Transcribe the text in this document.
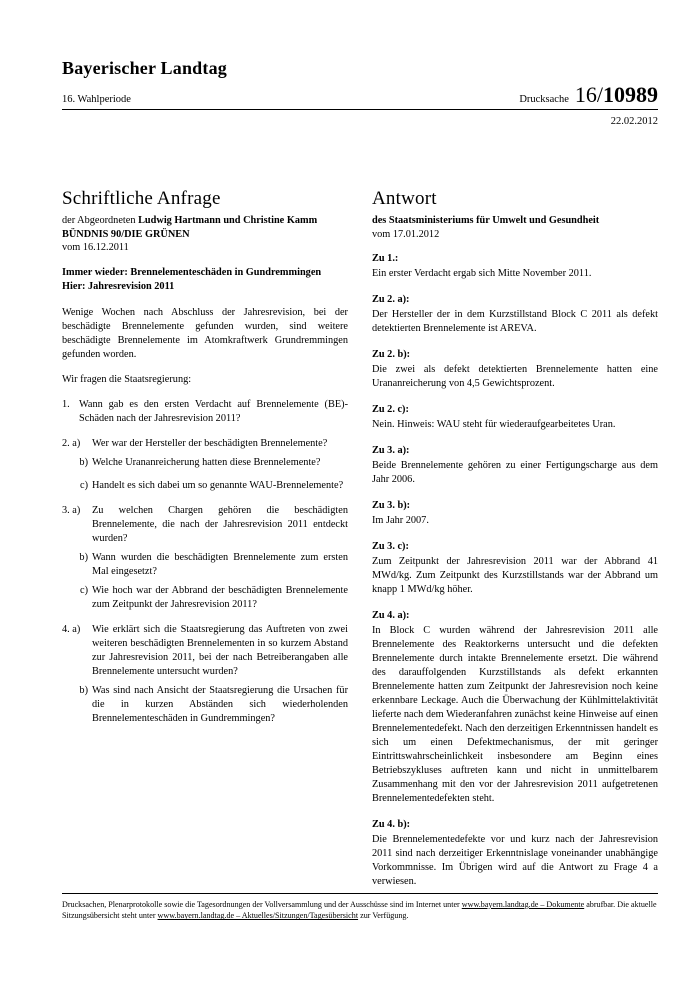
Bayerischer Landtag
16. Wahlperiode	Drucksache 16/10989
22.02.2012
Schriftliche Anfrage
der Abgeordneten Ludwig Hartmann und Christine Kamm BÜNDNIS 90/DIE GRÜNEN
vom 16.12.2011
Immer wieder: Brennelementeschäden in Gundremmingen
Hier: Jahresrevision 2011

Wenige Wochen nach Abschluss der Jahresrevision, bei der beschädigte Brennelemente gefunden wurden, sind weitere beschädigte Brennelemente im Atomkraftwerk Grundremmingen gefunden worden.

Wir fragen die Staatsregierung:

1. Wann gab es den ersten Verdacht auf Brennelemente (BE)-Schäden nach der Jahresrevision 2011?
2. a)	Wer war der Hersteller der beschädigten Brennelemente?
b) Welche Urananreicherung hatten diese Brennelemente?
c) Handelt es sich dabei um so genannte WAU-Brennelemente?
3. a)	Zu welchen Chargen gehören die beschädigten Brennelemente, die nach der Jahresrevision 2011 entdeckt wurden?
b) Wann wurden die beschädigten Brennelemente zum ersten Mal eingesetzt?
c) Wie hoch war der Abbrand der beschädigten Brennelemente zum Zeitpunkt der Jahresrevision 2011?
4. a)	Wie erklärt sich die Staatsregierung das Auftreten von zwei weiteren beschädigten Brennelementen in so kurzem Abstand zur Jahresrevision 2011, bei der nach Betreiberangaben alle Brennelemente untersucht wurden?
b) Was sind nach Ansicht der Staatsregierung die Ursachen für die in kurzen Abständen sich wiederholenden Brennelementeschäden in Gundremmingen?
Antwort
des Staatsministeriums für Umwelt und Gesundheit
vom 17.01.2012
Zu 1.:
Ein erster Verdacht ergab sich Mitte November 2011.
Zu 2. a):
Der Hersteller der in dem Kurzstillstand Block C 2011 als defekt detektierten Brennelemente ist AREVA.
Zu 2. b):
Die zwei als defekt detektierten Brennelemente hatten eine Urananreicherung von 4,5 Gewichtsprozent.
Zu 2. c):
Nein. Hinweis: WAU steht für wiederaufgearbeitetes Uran.
Zu 3. a):
Beide Brennelemente gehören zu einer Fertigungscharge aus dem Jahr 2006.
Zu 3. b):
Im Jahr 2007.
Zu 3. c):
Zum Zeitpunkt der Jahresrevision 2011 war der Abbrand 41 MWd/kg. Zum Zeitpunkt des Kurzstillstands war der Abbrand um knapp 1 MWd/kg höher.
Zu 4. a):
In Block C wurden während der Jahresrevision 2011 alle Brennelemente des Reaktorkerns untersucht und die defekten Brennelemente durch intakte Brennelemente ersetzt. Die während des darauffolgenden Kurzstillstands als defekt erkannten Brennelemente hatten zum Zeitpunkt der Jahresrevision noch keine erkennbare Leckage. Auch die Überwachung der Kühlmittelaktivität lieferte nach dem Wiederanfahren zunächst keine Hinweise auf einen Brennelementedefekt. Nach den derzeitigen Erkenntnissen handelt es sich um einen Defektmechanismus, der mit geringer Eintrittswahrscheinlichkeit insbesondere am Beginn eines Betriebszykluses auftreten kann und nicht in unmittelbarem Zusammenhang mit den vor der Jahresrevision 2011 aufgetretenen Brennelementedefekten steht.
Zu 4. b):
Die Brennelementedefekte vor und kurz nach der Jahresrevision 2011 sind nach derzeitiger Erkenntnislage voneinander unabhängige Vorkommnisse. Im Übrigen wird auf die Antwort zu Frage 4 a verwiesen.
Drucksachen, Plenarprotokolle sowie die Tagesordnungen der Vollversammlung und der Ausschüsse sind im Internet unter www.bayern.landtag.de – Dokumente abrufbar. Die aktuelle Sitzungsübersicht steht unter www.bayern.landtag.de – Aktuelles/Sitzungen/Tagesübersicht zur Verfügung.
